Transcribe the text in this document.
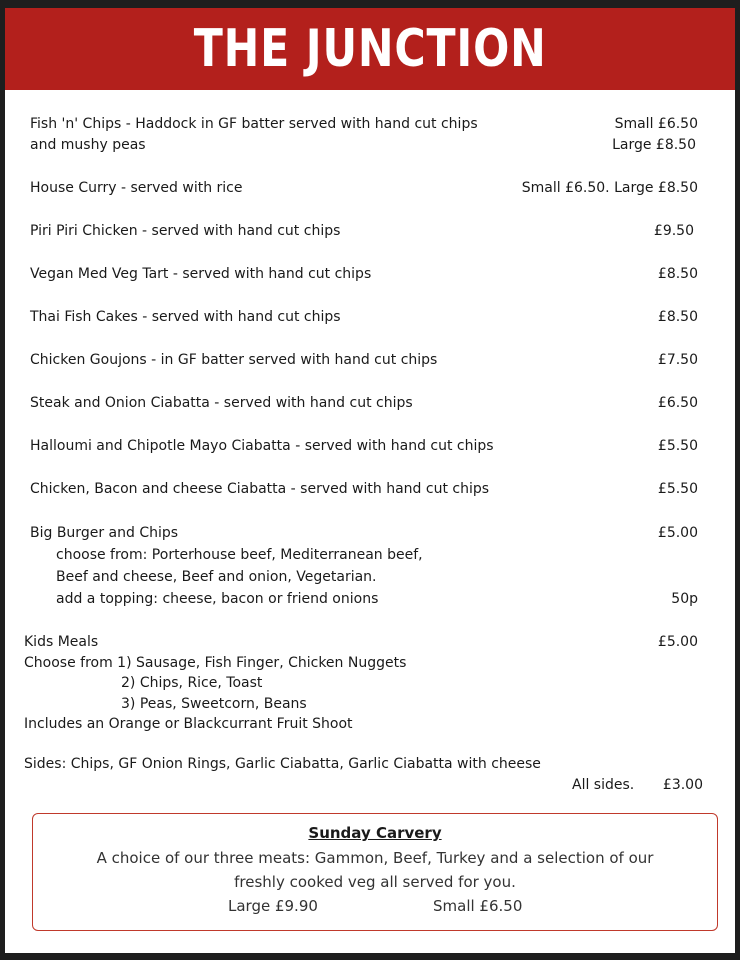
THE JUNCTION
Fish 'n' Chips - Haddock in GF batter served with hand cut chips
and mushy peas
Small £6.50
Large £8.50
House Curry - served with rice	Small £6.50. Large £8.50
Piri Piri Chicken - served with hand cut chips	£9.50
Vegan Med Veg Tart - served with hand cut chips	£8.50
Thai Fish Cakes - served with hand cut chips	£8.50
Chicken Goujons - in GF batter served with hand cut chips	£7.50
Steak and Onion Ciabatta - served with hand cut chips	£6.50
Halloumi and Chipotle Mayo Ciabatta - served with hand cut chips	£5.50
Chicken, Bacon and cheese Ciabatta - served with hand cut chips	£5.50
Big Burger and Chips	£5.00
choose from: Porterhouse beef, Mediterranean beef,
Beef and cheese, Beef and onion, Vegetarian.
add a topping: cheese, bacon or friend onions	50p
Kids Meals	£5.00
Choose from 1) Sausage, Fish Finger, Chicken Nuggets
2) Chips, Rice, Toast
3) Peas, Sweetcorn, Beans
Includes an Orange or Blackcurrant Fruit Shoot
Sides: Chips, GF Onion Rings, Garlic Ciabatta, Garlic Ciabatta with cheese
All sides. £3.00
Sunday Carvery
A choice of our three meats: Gammon, Beef, Turkey and a selection of our
freshly cooked veg all served for you.
Large £9.90	Small £6.50
